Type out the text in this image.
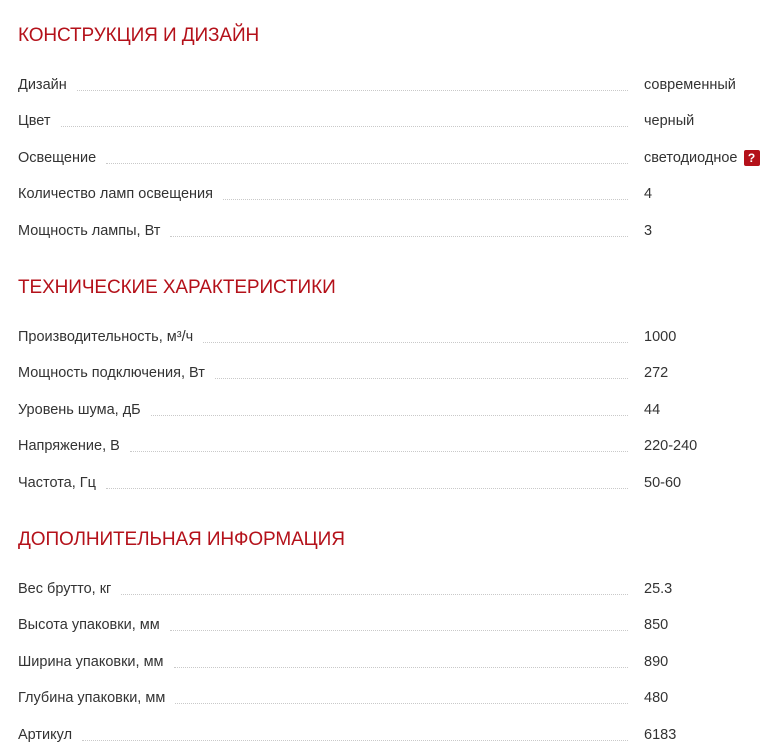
КОНСТРУКЦИЯ И ДИЗАЙН
Дизайн	современный
Цвет	черный
Освещение	светодиодное ?
Количество ламп освещения	4
Мощность лампы, Вт	3
ТЕХНИЧЕСКИЕ ХАРАКТЕРИСТИКИ
Производительность, м³/ч	1000
Мощность подключения, Вт	272
Уровень шума, дБ	44
Напряжение, В	220-240
Частота, Гц	50-60
ДОПОЛНИТЕЛЬНАЯ ИНФОРМАЦИЯ
Вес брутто, кг	25.3
Высота упаковки, мм	850
Ширина упаковки, мм	890
Глубина упаковки, мм	480
Артикул	6183
